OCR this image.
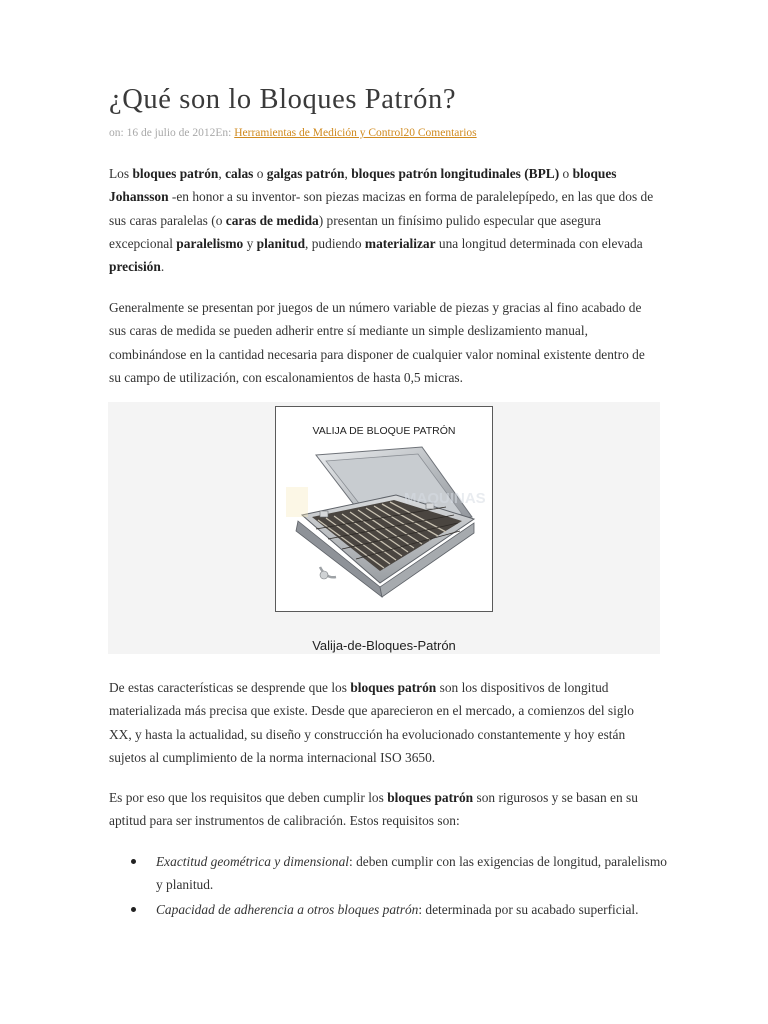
¿Qué son lo Bloques Patrón?
on: 16 de julio de 2012En: Herramientas de Medición y Control20 Comentarios

Los bloques patrón, calas o galgas patrón, bloques patrón longitudinales (BPL) o bloques Johansson -en honor a su inventor- son piezas macizas en forma de paralelepípedo, en las que dos de sus caras paralelas (o caras de medida) presentan un finísimo pulido especular que asegura excepcional paralelismo y planitud, pudiendo materializar una longitud determinada con elevada precisión.

Generalmente se presentan por juegos de un número variable de piezas y gracias al fino acabado de sus caras de medida se pueden adherir entre sí mediante un simple deslizamiento manual, combinándose en la cantidad necesaria para disponer de cualquier valor nominal existente dentro de su campo de utilización, con escalonamientos de hasta 0,5 micras.

VALIJA DE BLOQUE PATRÓN
MAQUINAS
Valija-de-Bloques-Patrón

De estas características se desprende que los bloques patrón son los dispositivos de longitud materializada más precisa que existe. Desde que aparecieron en el mercado, a comienzos del siglo XX, y hasta la actualidad, su diseño y construcción ha evolucionado constantemente y hoy están sujetos al cumplimiento de la norma internacional ISO 3650.

Es por eso que los requisitos que deben cumplir los bloques patrón son rigurosos y se basan en su aptitud para ser instrumentos de calibración. Estos requisitos son:

Exactitud geométrica y dimensional: deben cumplir con las exigencias de longitud, paralelismo y planitud.
Capacidad de adherencia a otros bloques patrón: determinada por su acabado superficial.
